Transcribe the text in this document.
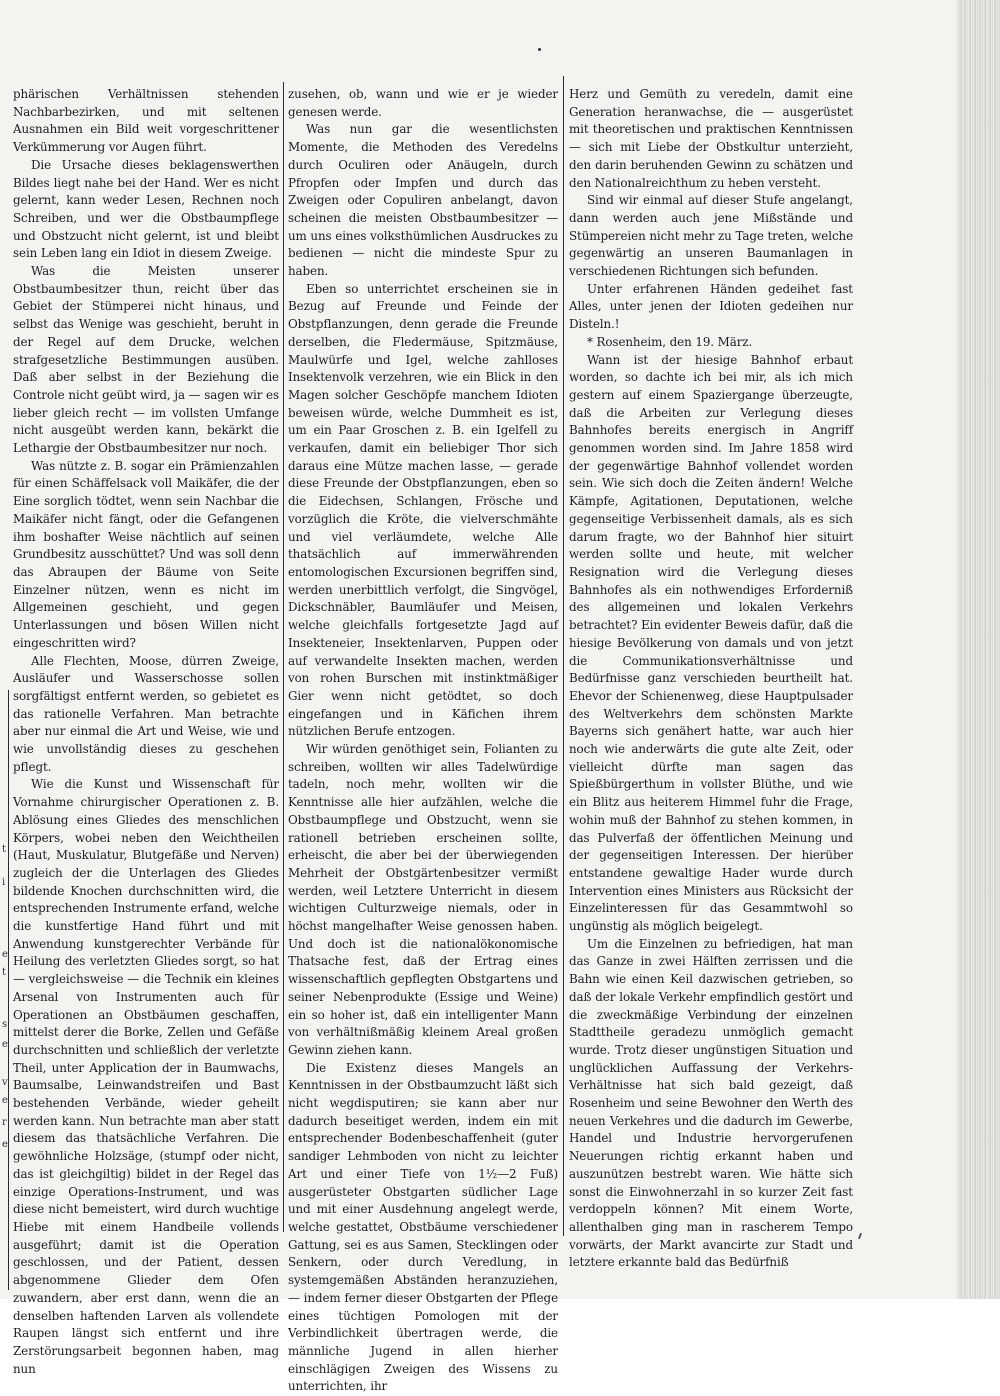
t
i
e
t
s
e
v
e
r
e

phärischen Verhältnissen stehenden Nachbarbezirken, und mit seltenen Ausnahmen ein Bild weit vorgeschrittener Verkümmerung vor Augen führt.

Die Ursache dieses beklagenswerthen Bildes liegt nahe bei der Hand. Wer es nicht gelernt, kann weder Lesen, Rechnen noch Schreiben, und wer die Obstbaumpflege und Obstzucht nicht gelernt, ist und bleibt sein Leben lang ein Idiot in diesem Zweige.

Was die Meisten unserer Obstbaumbesitzer thun, reicht über das Gebiet der Stümperei nicht hinaus, und selbst das Wenige was geschieht, beruht in der Regel auf dem Drucke, welchen strafgesetzliche Bestimmungen ausüben. Daß aber selbst in der Beziehung die Controle nicht geübt wird, ja — sagen wir es lieber gleich recht — im vollsten Umfange nicht ausgeübt werden kann, bekärkt die Lethargie der Obstbaumbesitzer nur noch.

Was nützte z. B. sogar ein Prämienzahlen für einen Schäffelsack voll Maikäfer, die der Eine sorglich tödtet, wenn sein Nachbar die Maikäfer nicht fängt, oder die Gefangenen ihm boshafter Weise nächtlich auf seinen Grundbesitz ausschüttet? Und was soll denn das Abraupen der Bäume von Seite Einzelner nützen, wenn es nicht im Allgemeinen geschieht, und gegen Unterlassungen und bösen Willen nicht eingeschritten wird?

Alle Flechten, Moose, dürren Zweige, Ausläufer und Wasserschosse sollen sorgfältigst entfernt werden, so gebietet es das rationelle Verfahren. Man betrachte aber nur einmal die Art und Weise, wie und wie unvollständig dieses zu geschehen pflegt.

Wie die Kunst und Wissenschaft für Vornahme chirurgischer Operationen z. B. Ablösung eines Gliedes des menschlichen Körpers, wobei neben den Weichtheilen (Haut, Muskulatur, Blutgefäße und Nerven) zugleich der die Unterlagen des Gliedes bildende Knochen durchschnitten wird, die entsprechenden Instrumente erfand, welche die kunstfertige Hand führt und mit Anwendung kunstgerechter Verbände für Heilung des verletzten Gliedes sorgt, so hat — vergleichsweise — die Technik ein kleines Arsenal von Instrumenten auch für Operationen an Obstbäumen geschaffen, mittelst derer die Borke, Zellen und Gefäße durchschnitten und schließlich der verletzte Theil, unter Application der in Baumwachs, Baumsalbe, Leinwandstreifen und Bast bestehenden Verbände, wieder geheilt werden kann. Nun betrachte man aber statt diesem das thatsächliche Verfahren. Die gewöhnliche Holzsäge, (stumpf oder nicht, das ist gleichgiltig) bildet in der Regel das einzige Operations-Instrument, und was diese nicht bemeistert, wird durch wuchtige Hiebe mit einem Handbeile vollends ausgeführt; damit ist die Operation geschlossen, und der Patient, dessen abgenommene Glieder dem Ofen zuwandern, aber erst dann, wenn die an denselben haftenden Larven als vollendete Raupen längst sich entfernt und ihre Zerstörungsarbeit begonnen haben, mag nun

zusehen, ob, wann und wie er je wieder genesen werde.

Was nun gar die wesentlichsten Momente, die Methoden des Veredelns durch Oculiren oder Anäugeln, durch Pfropfen oder Impfen und durch das Zweigen oder Copuliren anbelangt, davon scheinen die meisten Obstbaumbesitzer — um uns eines volksthümlichen Ausdruckes zu bedienen — nicht die mindeste Spur zu haben.

Eben so unterrichtet erscheinen sie in Bezug auf Freunde und Feinde der Obstpflanzungen, denn gerade die Freunde derselben, die Fledermäuse, Spitzmäuse, Maulwürfe und Igel, welche zahlloses Insektenvolk verzehren, wie ein Blick in den Magen solcher Geschöpfe manchem Idioten beweisen würde, welche Dummheit es ist, um ein Paar Groschen z. B. ein Igelfell zu verkaufen, damit ein beliebiger Thor sich daraus eine Mütze machen lasse, — gerade diese Freunde der Obstpflanzungen, eben so die Eidechsen, Schlangen, Frösche und vorzüglich die Kröte, die vielverschmähte und viel verläumdete, welche Alle thatsächlich auf immerwährenden entomologischen Excursionen begriffen sind, werden unerbittlich verfolgt, die Singvögel, Dickschnäbler, Baumläufer und Meisen, welche gleichfalls fortgesetzte Jagd auf Insekteneier, Insektenlarven, Puppen oder auf verwandelte Insekten machen, werden von rohen Burschen mit instinktmäßiger Gier wenn nicht getödtet, so doch eingefangen und in Käfichen ihrem nützlichen Berufe entzogen.

Wir würden genöthiget sein, Folianten zu schreiben, wollten wir alles Tadelwürdige tadeln, noch mehr, wollten wir die Kenntnisse alle hier aufzählen, welche die Obstbaumpflege und Obstzucht, wenn sie rationell betrieben erscheinen sollte, erheischt, die aber bei der überwiegenden Mehrheit der Obstgärtenbesitzer vermißt werden, weil Letztere Unterricht in diesem wichtigen Culturzweige niemals, oder in höchst mangelhafter Weise genossen haben. Und doch ist die nationalökonomische Thatsache fest, daß der Ertrag eines wissenschaftlich gepflegten Obstgartens und seiner Nebenprodukte (Essige und Weine) ein so hoher ist, daß ein intelligenter Mann von verhältnißmäßig kleinem Areal großen Gewinn ziehen kann.

Die Existenz dieses Mangels an Kenntnissen in der Obstbaumzucht läßt sich nicht wegdisputiren; sie kann aber nur dadurch beseitiget werden, indem ein mit entsprechender Bodenbeschaffenheit (guter sandiger Lehmboden von nicht zu leichter Art und einer Tiefe von 1½—2 Fuß) ausgerüsteter Obstgarten südlicher Lage und mit einer Ausdehnung angelegt werde, welche gestattet, Obstbäume verschiedener Gattung, sei es aus Samen, Stecklingen oder Senkern, oder durch Veredlung, in systemgemäßen Abständen heranzuziehen, — indem ferner dieser Obstgarten der Pflege eines tüchtigen Pomologen mit der Verbindlichkeit übertragen werde, die männliche Jugend in allen hierher einschlägigen Zweigen des Wissens zu unterrichten, ihr

Herz und Gemüth zu veredeln, damit eine Generation heranwachse, die — ausgerüstet mit theoretischen und praktischen Kenntnissen — sich mit Liebe der Obstkultur unterzieht, den darin beruhenden Gewinn zu schätzen und den Nationalreichthum zu heben versteht.

Sind wir einmal auf dieser Stufe angelangt, dann werden auch jene Mißstände und Stümpereien nicht mehr zu Tage treten, welche gegenwärtig an unseren Baumanlagen in verschiedenen Richtungen sich befunden.

Unter erfahrenen Händen gedeihet fast Alles, unter jenen der Idioten gedeihen nur Disteln.!

* Rosenheim, den 19. März.

Wann ist der hiesige Bahnhof erbaut worden, so dachte ich bei mir, als ich mich gestern auf einem Spaziergange überzeugte, daß die Arbeiten zur Verlegung dieses Bahnhofes bereits energisch in Angriff genommen worden sind. Im Jahre 1858 wird der gegenwärtige Bahnhof vollendet worden sein. Wie sich doch die Zeiten ändern! Welche Kämpfe, Agitationen, Deputationen, welche gegenseitige Verbissenheit damals, als es sich darum fragte, wo der Bahnhof hier situirt werden sollte und heute, mit welcher Resignation wird die Verlegung dieses Bahnhofes als ein nothwendiges Erforderniß des allgemeinen und lokalen Verkehrs betrachtet? Ein evidenter Beweis dafür, daß die hiesige Bevölkerung von damals und von jetzt die Communikationsverhältnisse und Bedürfnisse ganz verschieden beurtheilt hat. Ehevor der Schienenweg, diese Hauptpulsader des Weltverkehrs dem schönsten Markte Bayerns sich genähert hatte, war auch hier noch wie anderwärts die gute alte Zeit, oder vielleicht dürfte man sagen das Spießbürgerthum in vollster Blüthe, und wie ein Blitz aus heiterem Himmel fuhr die Frage, wohin muß der Bahnhof zu stehen kommen, in das Pulverfaß der öffentlichen Meinung und der gegenseitigen Interessen. Der hierüber entstandene gewaltige Hader wurde durch Intervention eines Ministers aus Rücksicht der Einzelinteressen für das Gesammtwohl so ungünstig als möglich beigelegt.

Um die Einzelnen zu befriedigen, hat man das Ganze in zwei Hälften zerrissen und die Bahn wie einen Keil dazwischen getrieben, so daß der lokale Verkehr empfindlich gestört und die zweckmäßige Verbindung der einzelnen Stadttheile geradezu unmöglich gemacht wurde. Trotz dieser ungünstigen Situation und unglücklichen Auffassung der Verkehrs-Verhältnisse hat sich bald gezeigt, daß Rosenheim und seine Bewohner den Werth des neuen Verkehres und die dadurch im Gewerbe, Handel und Industrie hervorgerufenen Neuerungen richtig erkannt haben und auszunützen bestrebt waren. Wie hätte sich sonst die Einwohnerzahl in so kurzer Zeit fast verdoppeln können? Mit einem Worte, allenthalben ging man in rascherem Tempo vorwärts, der Markt avancirte zur Stadt und letztere erkannte bald das Bedürfniß
